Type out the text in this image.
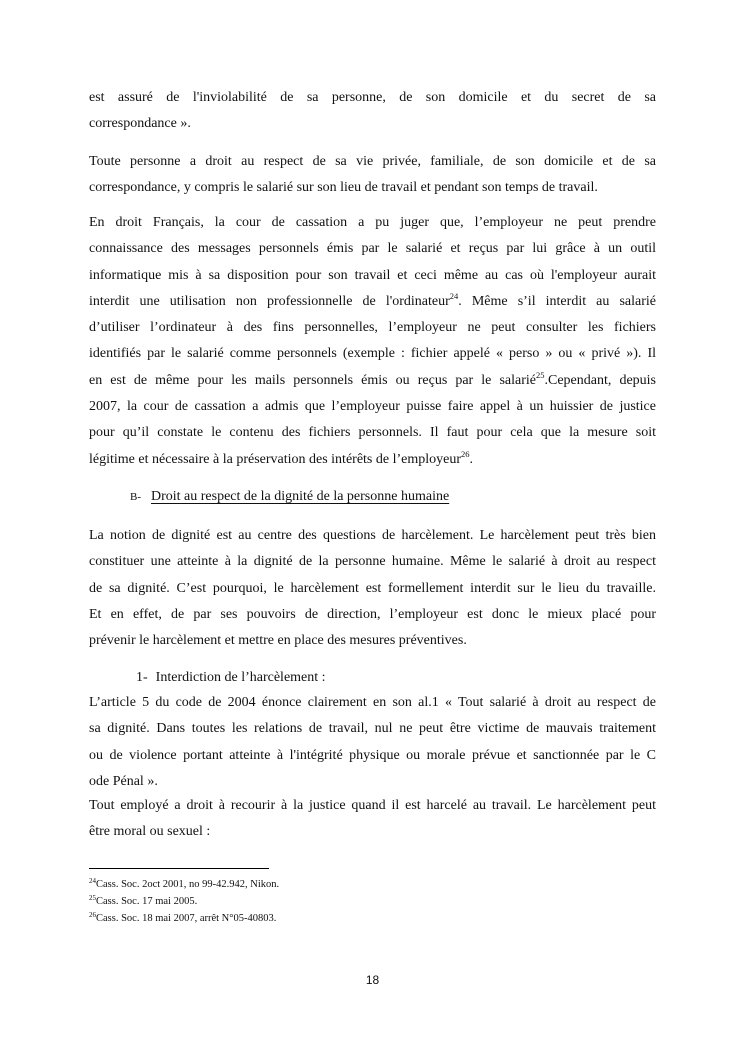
est assuré de l'inviolabilité de sa personne, de son domicile et du secret de sa
correspondance ».
Toute personne a droit au respect de sa vie privée, familiale, de son domicile et de sa
correspondance, y compris le salarié sur son lieu de travail et pendant son temps de travail.
En droit Français, la cour de cassation a pu juger que, l’employeur ne peut prendre
connaissance des messages personnels émis par le salarié et reçus par lui grâce à un outil
informatique mis à sa disposition pour son travail et ceci même au cas où l'employeur aurait
interdit une utilisation non professionnelle de l'ordinateur$^{24}$. Même s’il interdit au salarié
d’utiliser l’ordinateur à des fins personnelles, l’employeur ne peut consulter les fichiers
identifiés par le salarié comme personnels (exemple : fichier appelé « perso » ou « privé »). Il
en est de même pour les mails personnels émis ou reçus par le salarié$^{25}$.Cependant, depuis
2007, la cour de cassation a admis que l’employeur puisse faire appel à un huissier de justice
pour qu’il constate le contenu des fichiers personnels. Il faut pour cela que la mesure soit
légitime et nécessaire à la préservation des intérêts de l’employeur$^{26}$.
B- Droit au respect de la dignité de la personne humaine
La notion de dignité est au centre des questions de harcèlement. Le harcèlement peut très bien
constituer une atteinte à la dignité de la personne humaine. Même le salarié à droit au respect
de sa dignité. C’est pourquoi, le harcèlement est formellement interdit sur le lieu du travaille.
Et en effet, de par ses pouvoirs de direction, l’employeur est donc le mieux placé pour
prévenir le harcèlement et mettre en place des mesures préventives.
1- Interdiction de l’harcèlement :
L’article 5 du code de 2004 énonce clairement en son al.1 « Tout salarié à droit au respect de
sa dignité. Dans toutes les relations de travail, nul ne peut être victime de mauvais traitement
ou de violence portant atteinte à l'intégrité physique ou morale prévue et sanctionnée par le C
ode Pénal ».
Tout employé a droit à recourir à la justice quand il est harcelé au travail. Le harcèlement peut
être moral ou sexuel :
$^{24}$Cass. Soc. 2oct 2001, no 99-42.942, Nikon.
$^{25}$Cass. Soc. 17 mai 2005.
$^{26}$Cass. Soc. 18 mai 2007, arrêt N°05-40803.
18
